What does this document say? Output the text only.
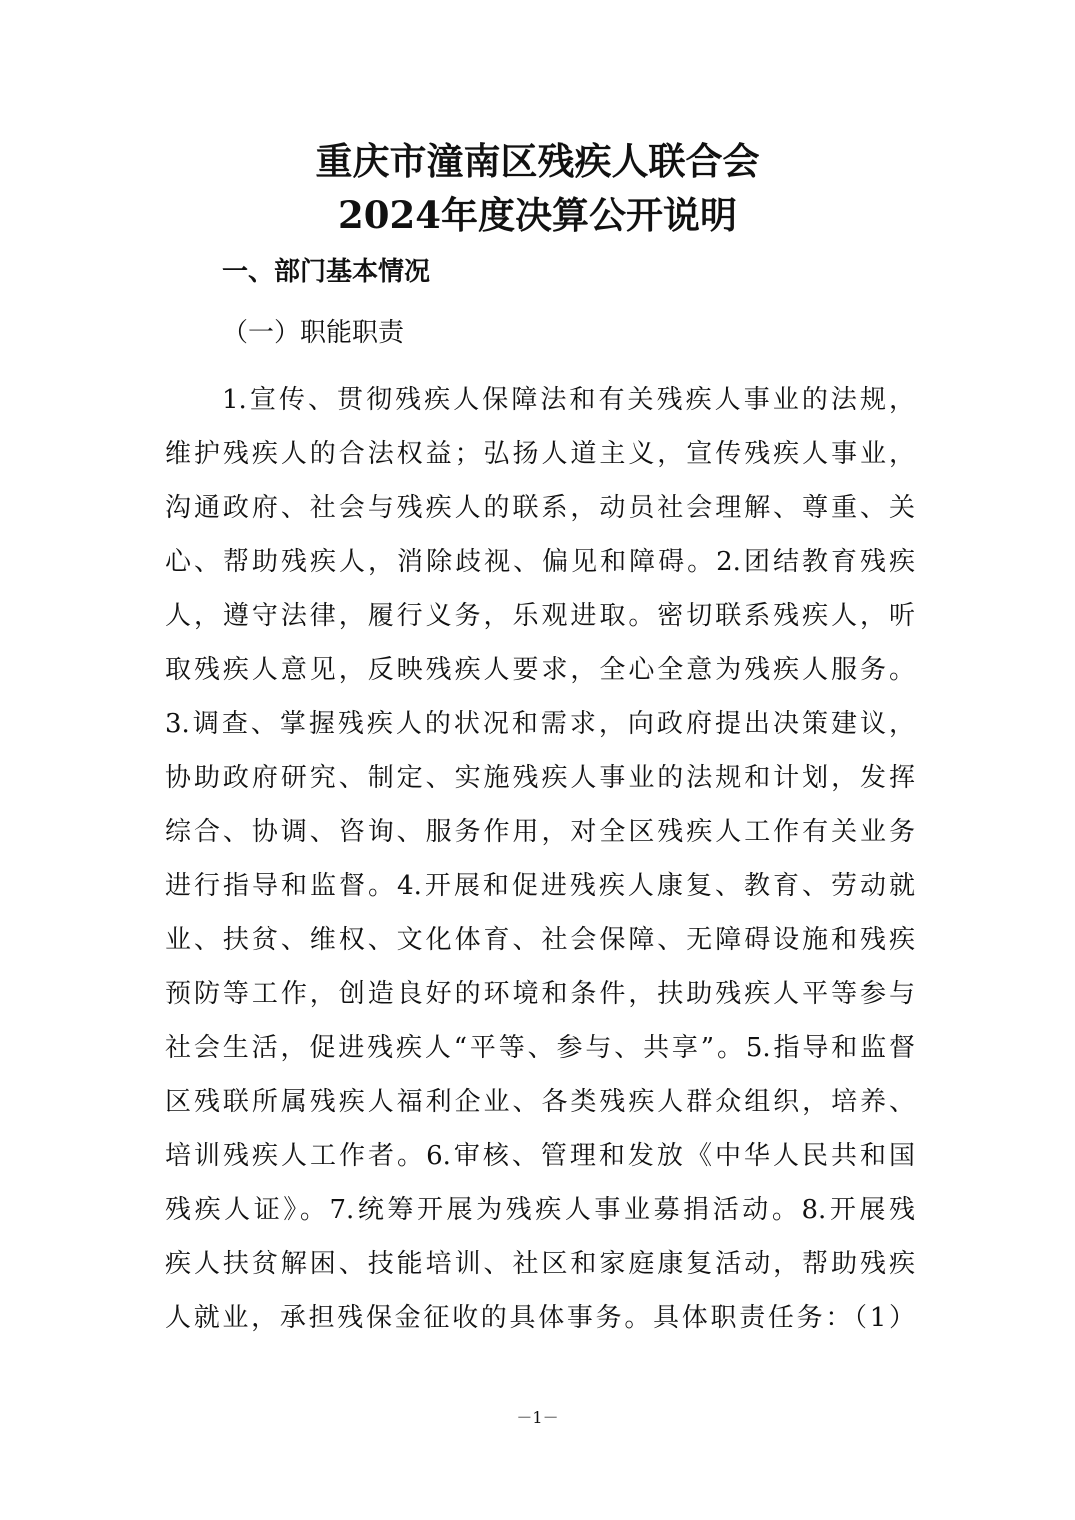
重庆市潼南区残疾人联合会
2024年度决算公开说明
一、部门基本情况
（一）职能职责
1.宣传、贯彻残疾人保障法和有关残疾人事业的法规，
维护残疾人的合法权益；弘扬人道主义，宣传残疾人事业，
沟通政府、社会与残疾人的联系，动员社会理解、尊重、关
心、帮助残疾人，消除歧视、偏见和障碍。2.团结教育残疾
人，遵守法律，履行义务，乐观进取。密切联系残疾人，听
取残疾人意见，反映残疾人要求，全心全意为残疾人服务。
3.调查、掌握残疾人的状况和需求，向政府提出决策建议，
协助政府研究、制定、实施残疾人事业的法规和计划，发挥
综合、协调、咨询、服务作用，对全区残疾人工作有关业务
进行指导和监督。4.开展和促进残疾人康复、教育、劳动就
业、扶贫、维权、文化体育、社会保障、无障碍设施和残疾
预防等工作，创造良好的环境和条件，扶助残疾人平等参与
社会生活，促进残疾人“平等、参与、共享”。5.指导和监督
区残联所属残疾人福利企业、各类残疾人群众组织，培养、
培训残疾人工作者。6.审核、管理和发放《中华人民共和国
残疾人证》。7.统筹开展为残疾人事业募捐活动。8.开展残
疾人扶贫解困、技能培训、社区和家庭康复活动，帮助残疾
人就业，承担残保金征收的具体事务。具体职责任务：（1）
－1－
